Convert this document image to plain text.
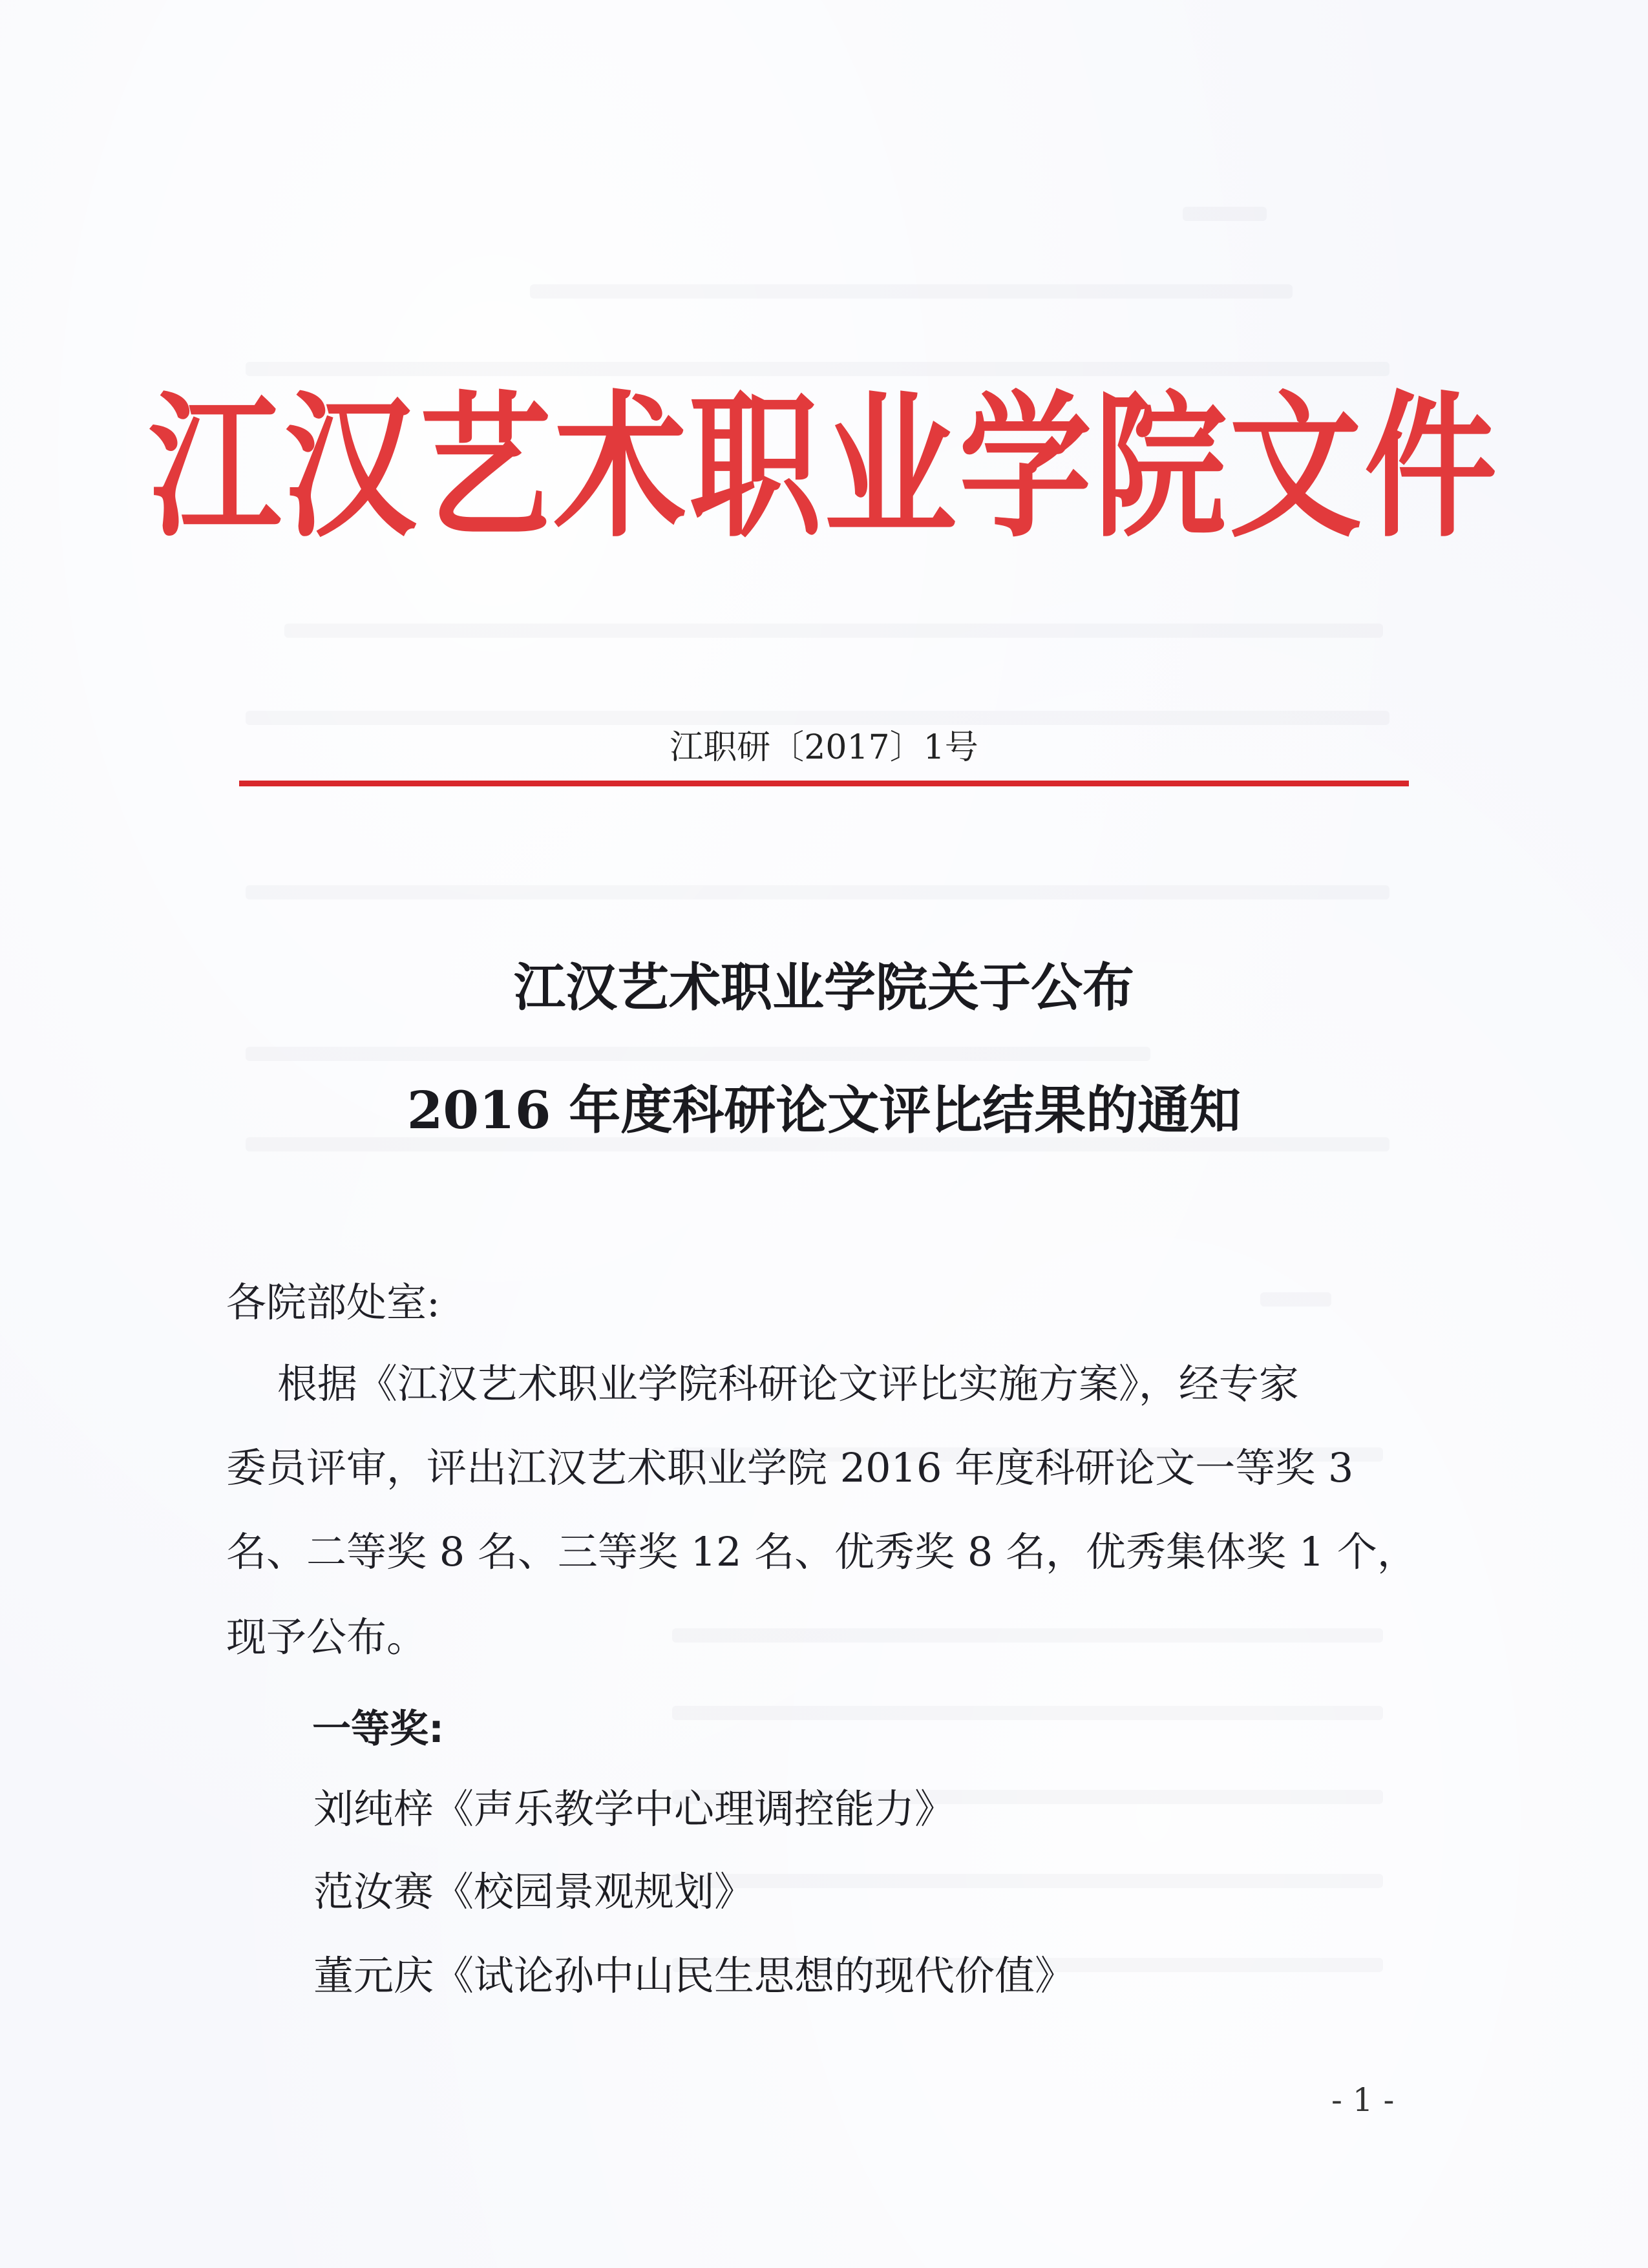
江汉艺术职业学院文件
江职研〔2017〕1号
江汉艺术职业学院关于公布
2016 年度科研论文评比结果的通知
各院部处室:
根据《江汉艺术职业学院科研论文评比实施方案》，经专家
委员评审，评出江汉艺术职业学院 2016 年度科研论文一等奖 3
名、二等奖 8 名、三等奖 12 名、优秀奖 8 名，优秀集体奖 1 个，
现予公布。
一等奖:
刘纯梓《声乐教学中心理调控能力》
范汝赛《校园景观规划》
董元庆《试论孙中山民生思想的现代价值》
- 1 -
